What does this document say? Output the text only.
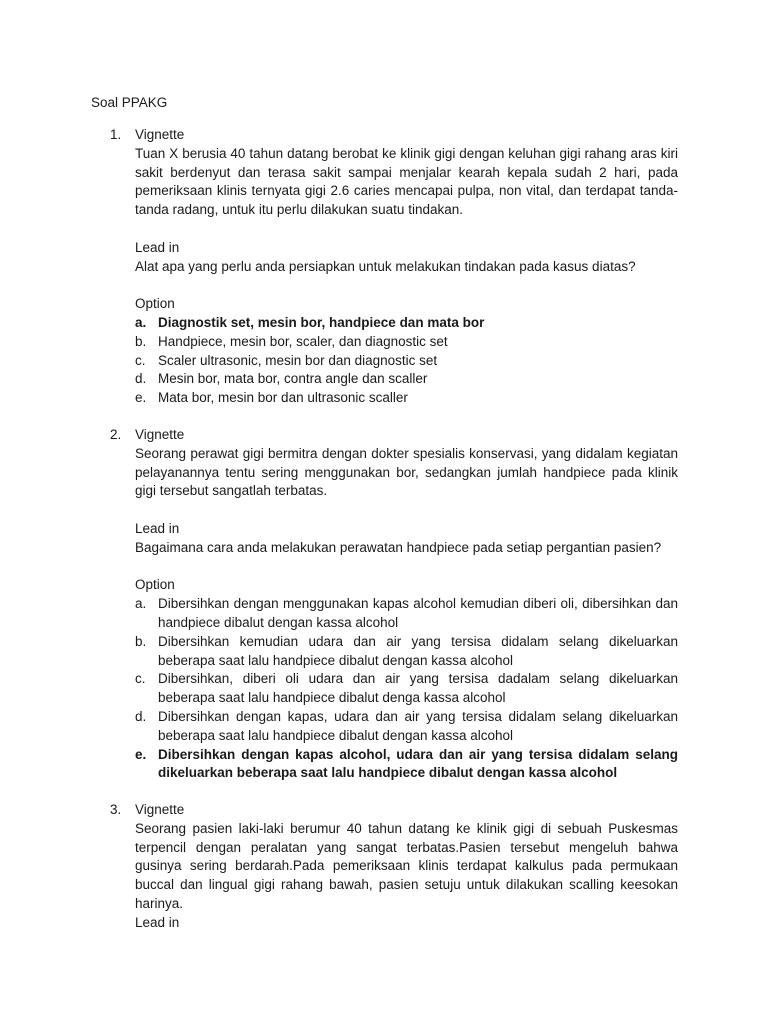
Soal PPAKG
1. Vignette

Tuan X berusia 40 tahun datang berobat ke klinik gigi dengan keluhan gigi rahang aras kiri sakit berdenyut dan terasa sakit sampai menjalar kearah kepala sudah 2 hari, pada pemeriksaan klinis ternyata gigi 2.6 caries mencapai pulpa, non vital, dan terdapat tanda-tanda radang, untuk itu perlu dilakukan suatu tindakan.

Lead in

Alat apa yang perlu anda persiapkan untuk melakukan tindakan pada kasus diatas?

Option
a. Diagnostik set, mesin bor, handpiece dan mata bor
b. Handpiece, mesin bor, scaler, dan diagnostic set
c. Scaler ultrasonic, mesin bor dan diagnostic set
d. Mesin bor, mata bor, contra angle dan scaller
e. Mata bor, mesin bor dan ultrasonic scaller
2. Vignette

Seorang perawat gigi bermitra dengan dokter spesialis konservasi, yang didalam kegiatan pelayanannya tentu sering menggunakan bor, sedangkan jumlah handpiece pada klinik gigi tersebut sangatlah terbatas.

Lead in

Bagaimana cara anda melakukan perawatan handpiece pada setiap pergantian pasien?

Option
a. Dibersihkan dengan menggunakan kapas alcohol kemudian diberi oli, dibersihkan dan handpiece dibalut dengan kassa alcohol
b. Dibersihkan kemudian udara dan air yang tersisa didalam selang dikeluarkan beberapa saat lalu handpiece dibalut dengan kassa alcohol
c. Dibersihkan, diberi oli udara dan air yang tersisa dadalam selang dikeluarkan beberapa saat lalu handpiece dibalut denga kassa alcohol
d. Dibersihkan dengan kapas, udara dan air yang tersisa didalam selang dikeluarkan beberapa saat lalu handpiece dibalut dengan kassa alcohol
e. Dibersihkan dengan kapas alcohol, udara dan air yang tersisa didalam selang dikeluarkan beberapa saat lalu handpiece dibalut dengan kassa alcohol
3. Vignette

Seorang pasien laki-laki berumur 40 tahun datang ke klinik gigi di sebuah Puskesmas terpencil dengan peralatan yang sangat terbatas.Pasien tersebut mengeluh bahwa gusinya sering berdarah.Pada pemeriksaan klinis terdapat kalkulus pada permukaan buccal dan lingual gigi rahang bawah, pasien setuju untuk dilakukan scalling keesokan harinya.

Lead in
